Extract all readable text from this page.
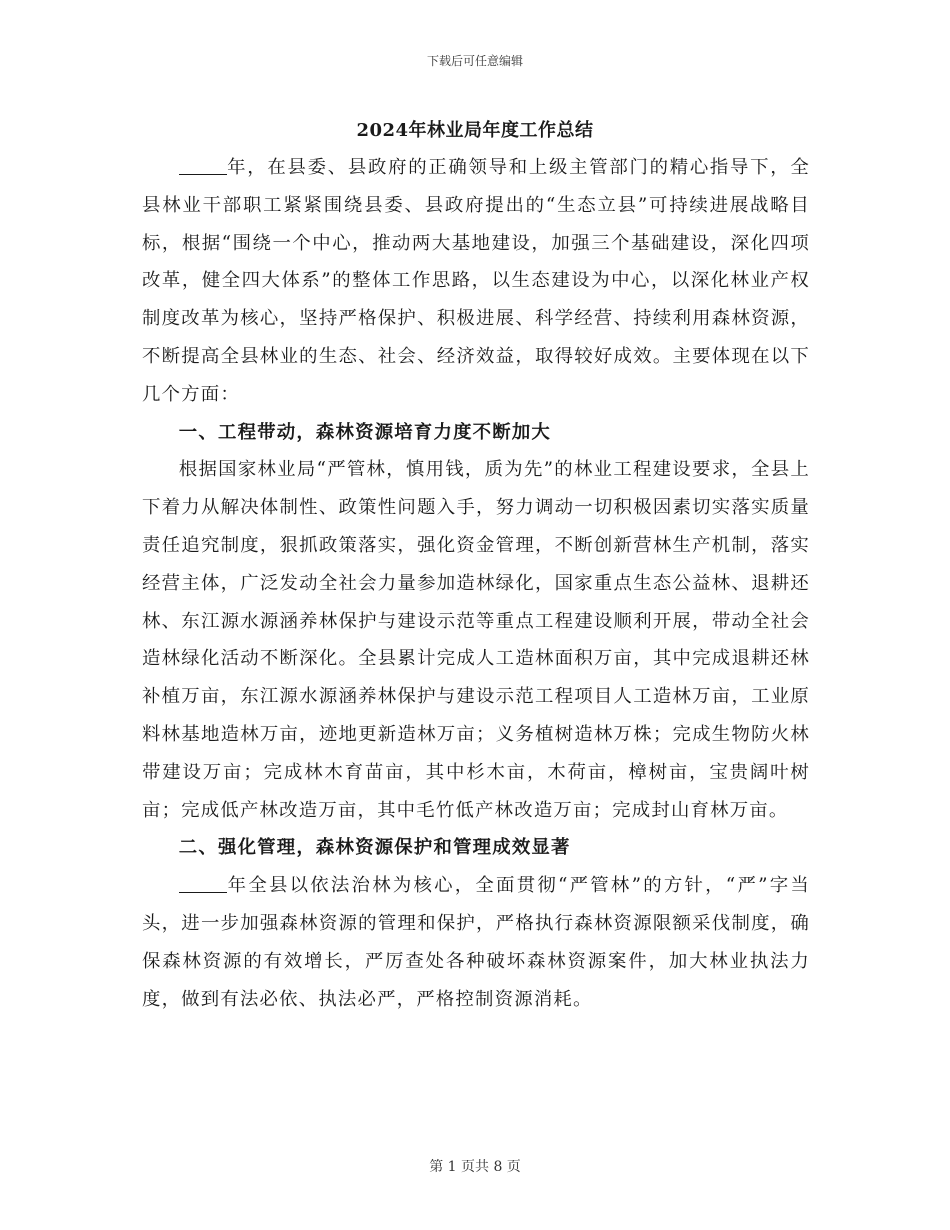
下载后可任意编辑
2024年林业局年度工作总结

年，在县委、县政府的正确领导和上级主管部门的精心指导下，全县林业干部职工紧紧围绕县委、县政府提出的“生态立县”可持续进展战略目标，根据“围绕一个中心，推动两大基地建设，加强三个基础建设，深化四项改革，健全四大体系”的整体工作思路，以生态建设为中心，以深化林业产权制度改革为核心，坚持严格保护、积极进展、科学经营、持续利用森林资源，不断提高全县林业的生态、社会、经济效益，取得较好成效。主要体现在以下几个方面：

一、工程带动，森林资源培育力度不断加大

根据国家林业局“严管林，慎用钱，质为先”的林业工程建设要求，全县上下着力从解决体制性、政策性问题入手，努力调动一切积极因素切实落实质量责任追究制度，狠抓政策落实，强化资金管理，不断创新营林生产机制，落实经营主体，广泛发动全社会力量参加造林绿化，国家重点生态公益林、退耕还林、东江源水源涵养林保护与建设示范等重点工程建设顺利开展，带动全社会造林绿化活动不断深化。全县累计完成人工造林面积万亩，其中完成退耕还林补植万亩，东江源水源涵养林保护与建设示范工程项目人工造林万亩，工业原料林基地造林万亩，迹地更新造林万亩；义务植树造林万株；完成生物防火林带建设万亩；完成林木育苗亩，其中杉木亩，木荷亩，樟树亩，宝贵阔叶树亩；完成低产林改造万亩，其中毛竹低产林改造万亩；完成封山育林万亩。

二、强化管理，森林资源保护和管理成效显著

年全县以依法治林为核心，全面贯彻“严管林”的方针，“严”字当头，进一步加强森林资源的管理和保护，严格执行森林资源限额采伐制度，确保森林资源的有效增长，严厉查处各种破坏森林资源案件，加大林业执法力度，做到有法必依、执法必严，严格控制资源消耗。

第 1 页共 8 页
